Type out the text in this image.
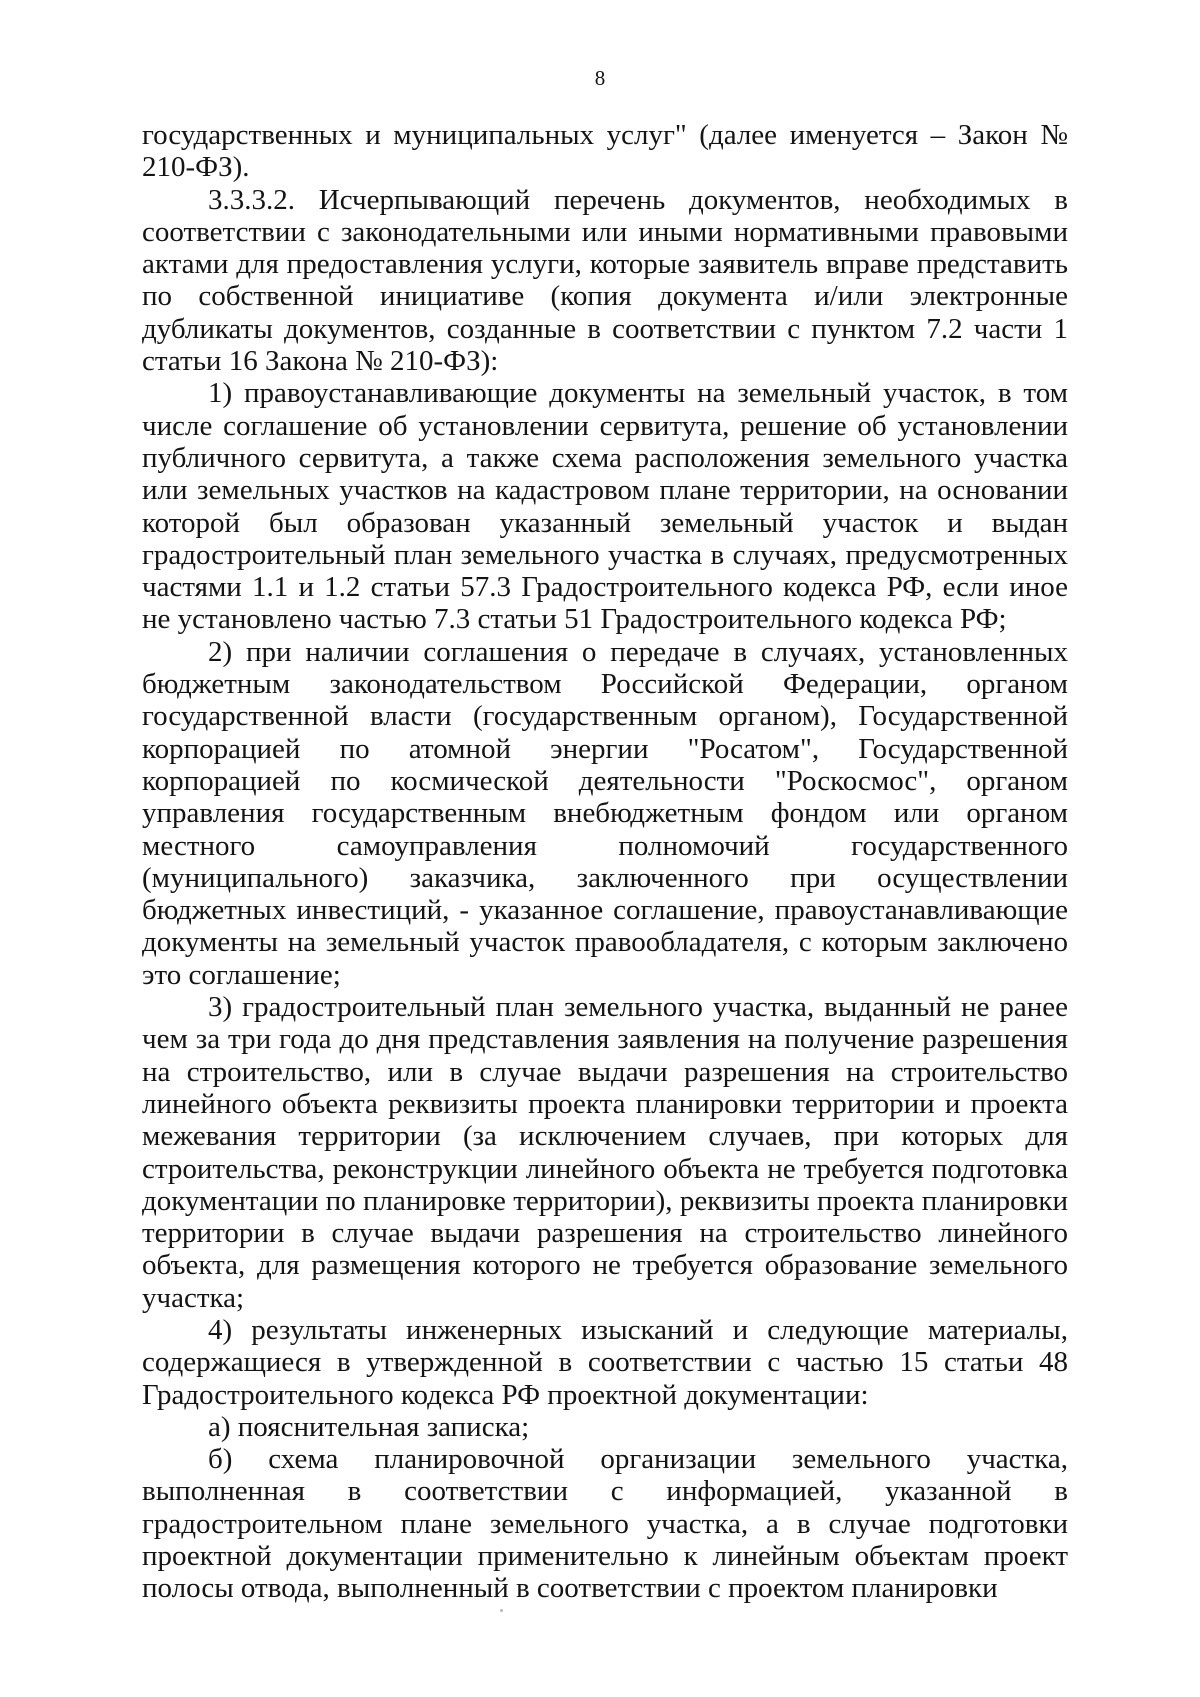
8

государственных и муниципальных услуг" (далее именуется – Закон № 210-ФЗ).

3.3.3.2. Исчерпывающий перечень документов, необходимых в соответствии с законодательными или иными нормативными правовыми актами для предоставления услуги, которые заявитель вправе представить по собственной инициативе (копия документа и/или электронные дубликаты документов, созданные в соответствии с пунктом 7.2 части 1 статьи 16 Закона № 210-ФЗ):

1) правоустанавливающие документы на земельный участок, в том числе соглашение об установлении сервитута, решение об установлении публичного сервитута, а также схема расположения земельного участка или земельных участков на кадастровом плане территории, на основании которой был образован указанный земельный участок и выдан градостроительный план земельного участка в случаях, предусмотренных частями 1.1 и 1.2 статьи 57.3 Градостроительного кодекса РФ, если иное не установлено частью 7.3 статьи 51 Градостроительного кодекса РФ;

2) при наличии соглашения о передаче в случаях, установленных бюджетным законодательством Российской Федерации, органом государственной власти (государственным органом), Государственной корпорацией по атомной энергии "Росатом", Государственной корпорацией по космической деятельности "Роскосмос", органом управления государственным внебюджетным фондом или органом местного самоуправления полномочий государственного (муниципального) заказчика, заключенного при осуществлении бюджетных инвестиций, - указанное соглашение, правоустанавливающие документы на земельный участок правообладателя, с которым заключено это соглашение;

3) градостроительный план земельного участка, выданный не ранее чем за три года до дня представления заявления на получение разрешения на строительство, или в случае выдачи разрешения на строительство линейного объекта реквизиты проекта планировки территории и проекта межевания территории (за исключением случаев, при которых для строительства, реконструкции линейного объекта не требуется подготовка документации по планировке территории), реквизиты проекта планировки территории в случае выдачи разрешения на строительство линейного объекта, для размещения которого не требуется образование земельного участка;

4) результаты инженерных изысканий и следующие материалы, содержащиеся в утвержденной в соответствии с частью 15 статьи 48 Градостроительного кодекса РФ проектной документации:

а) пояснительная записка;

б) схема планировочной организации земельного участка, выполненная в соответствии с информацией, указанной в градостроительном плане земельного участка, а в случае подготовки проектной документации применительно к линейным объектам проект полосы отвода, выполненный в соответствии с проектом планировки
